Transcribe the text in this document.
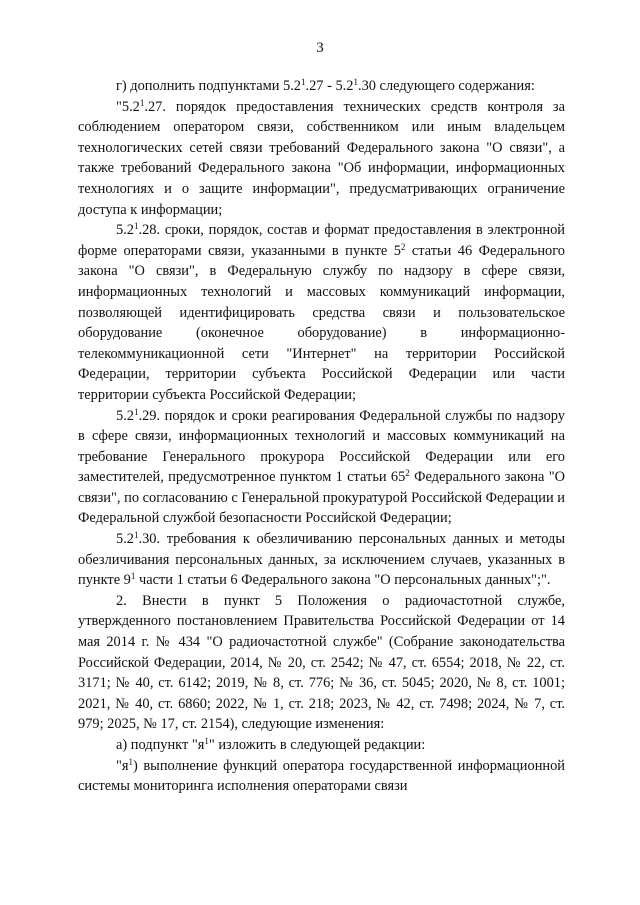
3

г) дополнить подпунктами $5.2^1.27 - 5.2^1.30$ следующего содержания:

"$5.2^1.27$. порядок предоставления технических средств контроля за соблюдением оператором связи, собственником или иным владельцем технологических сетей связи требований Федерального закона "О связи", а также требований Федерального закона "Об информации, информационных технологиях и о защите информации", предусматривающих ограничение доступа к информации;

$5.2^1.28$. сроки, порядок, состав и формат предоставления в электронной форме операторами связи, указанными в пункте $5^2$ статьи 46 Федерального закона "О связи", в Федеральную службу по надзору в сфере связи, информационных технологий и массовых коммуникаций информации, позволяющей идентифицировать средства связи и пользовательское оборудование (оконечное оборудование) в информационно-телекоммуникационной сети "Интернет" на территории Российской Федерации, территории субъекта Российской Федерации или части территории субъекта Российской Федерации;

$5.2^1.29$. порядок и сроки реагирования Федеральной службы по надзору в сфере связи, информационных технологий и массовых коммуникаций на требование Генерального прокурора Российской Федерации или его заместителей, предусмотренное пунктом 1 статьи $65^2$ Федерального закона "О связи", по согласованию с Генеральной прокуратурой Российской Федерации и Федеральной службой безопасности Российской Федерации;

$5.2^1.30$. требования к обезличиванию персональных данных и методы обезличивания персональных данных, за исключением случаев, указанных в пункте $9^1$ части 1 статьи 6 Федерального закона "О персональных данных";".

2. Внести в пункт 5 Положения о радиочастотной службе, утвержденного постановлением Правительства Российской Федерации от 14 мая 2014 г. № 434 "О радиочастотной службе" (Собрание законодательства Российской Федерации, 2014, № 20, ст. 2542; № 47, ст. 6554; 2018, № 22, ст. 3171; № 40, ст. 6142; 2019, № 8, ст. 776; № 36, ст. 5045; 2020, № 8, ст. 1001; 2021, № 40, ст. 6860; 2022, № 1, ст. 218; 2023, № 42, ст. 7498; 2024, № 7, ст. 979; 2025, № 17, ст. 2154), следующие изменения:

а) подпункт "$я^1$" изложить в следующей редакции:

"$я^1$) выполнение функций оператора государственной информационной системы мониторинга исполнения операторами связи
